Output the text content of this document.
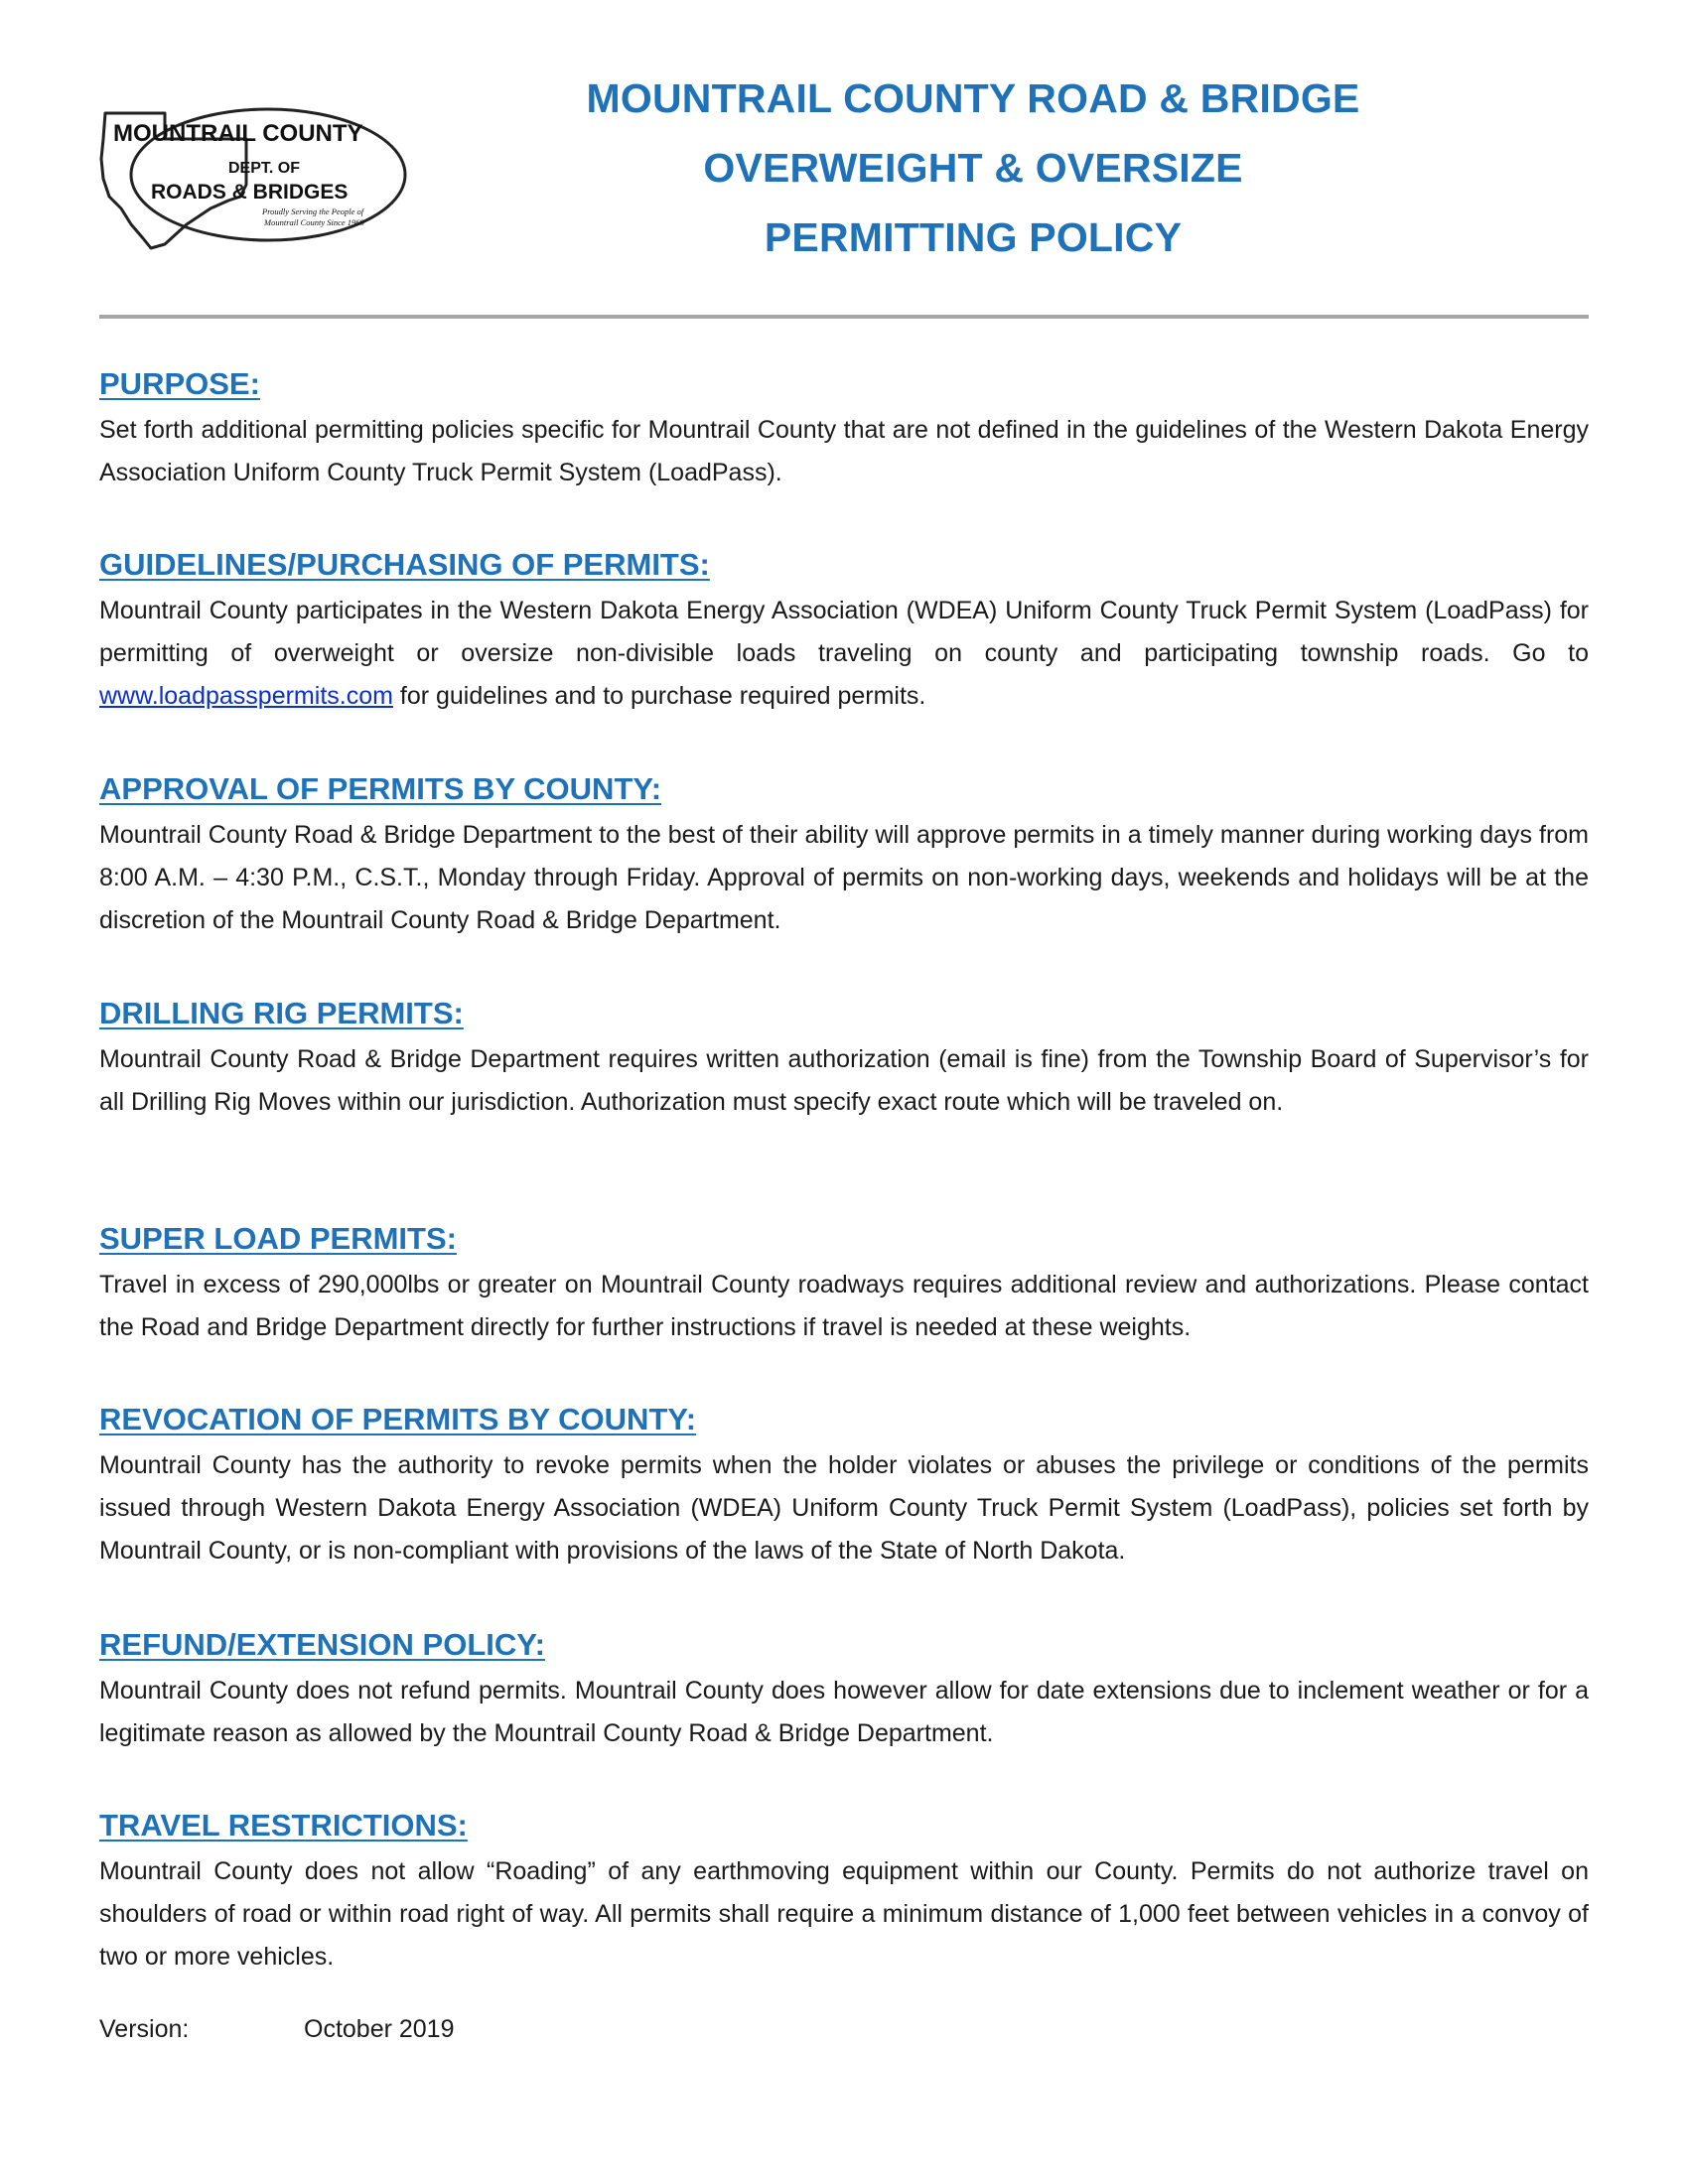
MOUNTRAIL COUNTY
DEPT. OF
ROADS & BRIDGES
Proudly Serving the People of
Mountrail County Since 1969
MOUNTRAIL COUNTY ROAD & BRIDGE
OVERWEIGHT & OVERSIZE
PERMITTING POLICY
PURPOSE:

Set forth additional permitting policies specific for Mountrail County that are not defined in the guidelines of the Western Dakota Energy Association Uniform County Truck Permit System (LoadPass).

GUIDELINES/PURCHASING OF PERMITS:

Mountrail County participates in the Western Dakota Energy Association (WDEA) Uniform County Truck Permit System (LoadPass) for permitting of overweight or oversize non-divisible loads traveling on county and participating township roads. Go to www.loadpasspermits.com for guidelines and to purchase required permits.

APPROVAL OF PERMITS BY COUNTY:

Mountrail County Road & Bridge Department to the best of their ability will approve permits in a timely manner during working days from 8:00 A.M. – 4:30 P.M., C.S.T., Monday through Friday. Approval of permits on non-working days, weekends and holidays will be at the discretion of the Mountrail County Road & Bridge Department.

DRILLING RIG PERMITS:

Mountrail County Road & Bridge Department requires written authorization (email is fine) from the Township Board of Supervisor’s for all Drilling Rig Moves within our jurisdiction. Authorization must specify exact route which will be traveled on.

SUPER LOAD PERMITS:

Travel in excess of 290,000lbs or greater on Mountrail County roadways requires additional review and authorizations. Please contact the Road and Bridge Department directly for further instructions if travel is needed at these weights.

REVOCATION OF PERMITS BY COUNTY:

Mountrail County has the authority to revoke permits when the holder violates or abuses the privilege or conditions of the permits issued through Western Dakota Energy Association (WDEA) Uniform County Truck Permit System (LoadPass), policies set forth by Mountrail County, or is non-compliant with provisions of the laws of the State of North Dakota.

REFUND/EXTENSION POLICY:

Mountrail County does not refund permits. Mountrail County does however allow for date extensions due to inclement weather or for a legitimate reason as allowed by the Mountrail County Road & Bridge Department.

TRAVEL RESTRICTIONS:

Mountrail County does not allow “Roading” of any earthmoving equipment within our County. Permits do not authorize travel on shoulders of road or within road right of way. All permits shall require a minimum distance of 1,000 feet between vehicles in a convoy of two or more vehicles.

Version:	October 2019
